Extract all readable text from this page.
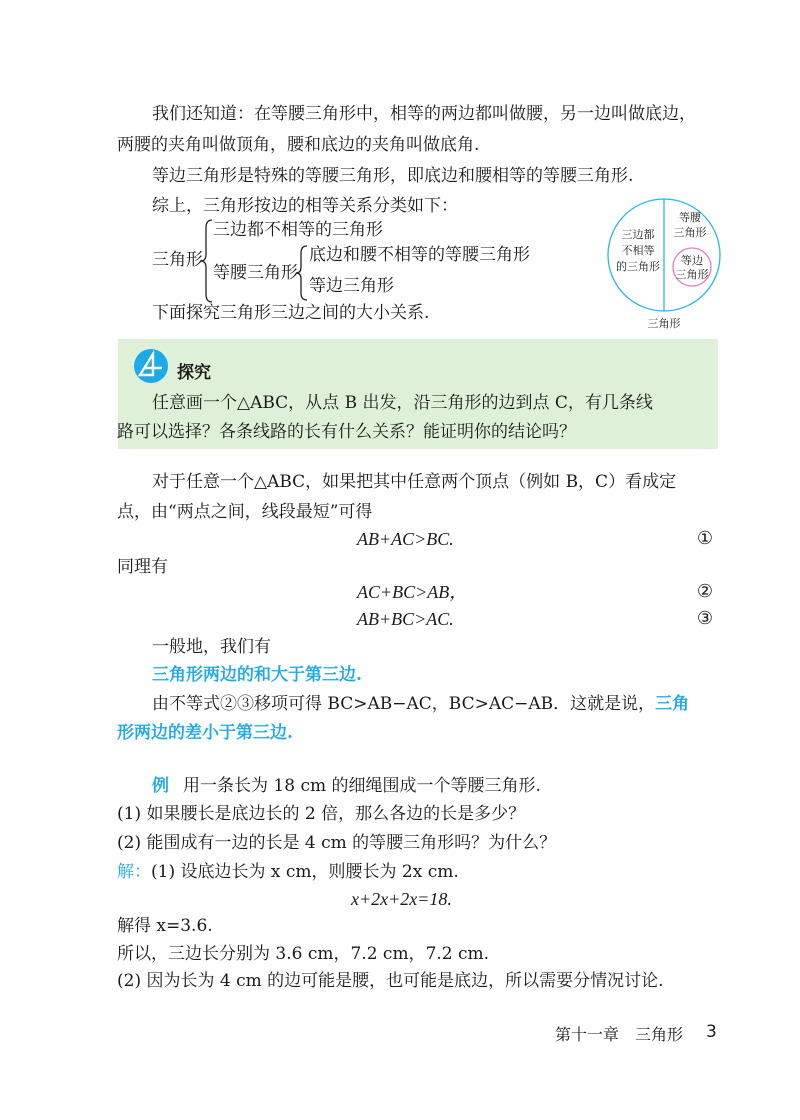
我们还知道：在等腰三角形中，相等的两边都叫做腰，另一边叫做底边，
两腰的夹角叫做顶角，腰和底边的夹角叫做底角.
等边三角形是特殊的等腰三角形，即底边和腰相等的等腰三角形.
综上，三角形按边的相等关系分类如下：
三角形
三边都不相等的三角形
等腰三角形
底边和腰不相等的等腰三角形
等边三角形
下面探究三角形三边之间的大小关系.
三边都
不相等
的三角形
等腰
三角形
等边
三角形
三角形
探究
任意画一个△ABC，从点 B 出发，沿三角形的边到点 C，有几条线
路可以选择？各条线路的长有什么关系？能证明你的结论吗？
对于任意一个△ABC，如果把其中任意两个顶点（例如 B，C）看成定
点，由“两点之间，线段最短”可得
AB+AC>BC.	①
同理有
AC+BC>AB，	②
AB+BC>AC.	③
一般地，我们有
三角形两边的和大于第三边.
由不等式②③移项可得 BC>AB−AC，BC>AC−AB．这就是说，三角
形两边的差小于第三边.
例 用一条长为 18 cm 的细绳围成一个等腰三角形.
(1) 如果腰长是底边长的 2 倍，那么各边的长是多少？
(2) 能围成有一边的长是 4 cm 的等腰三角形吗？为什么？
解：(1) 设底边长为 x cm，则腰长为 2x cm.
x+2x+2x=18.
解得 x=3.6.
所以，三边长分别为 3.6 cm，7.2 cm，7.2 cm.
(2) 因为长为 4 cm 的边可能是腰，也可能是底边，所以需要分情况讨论.
第十一章　三角形 3
